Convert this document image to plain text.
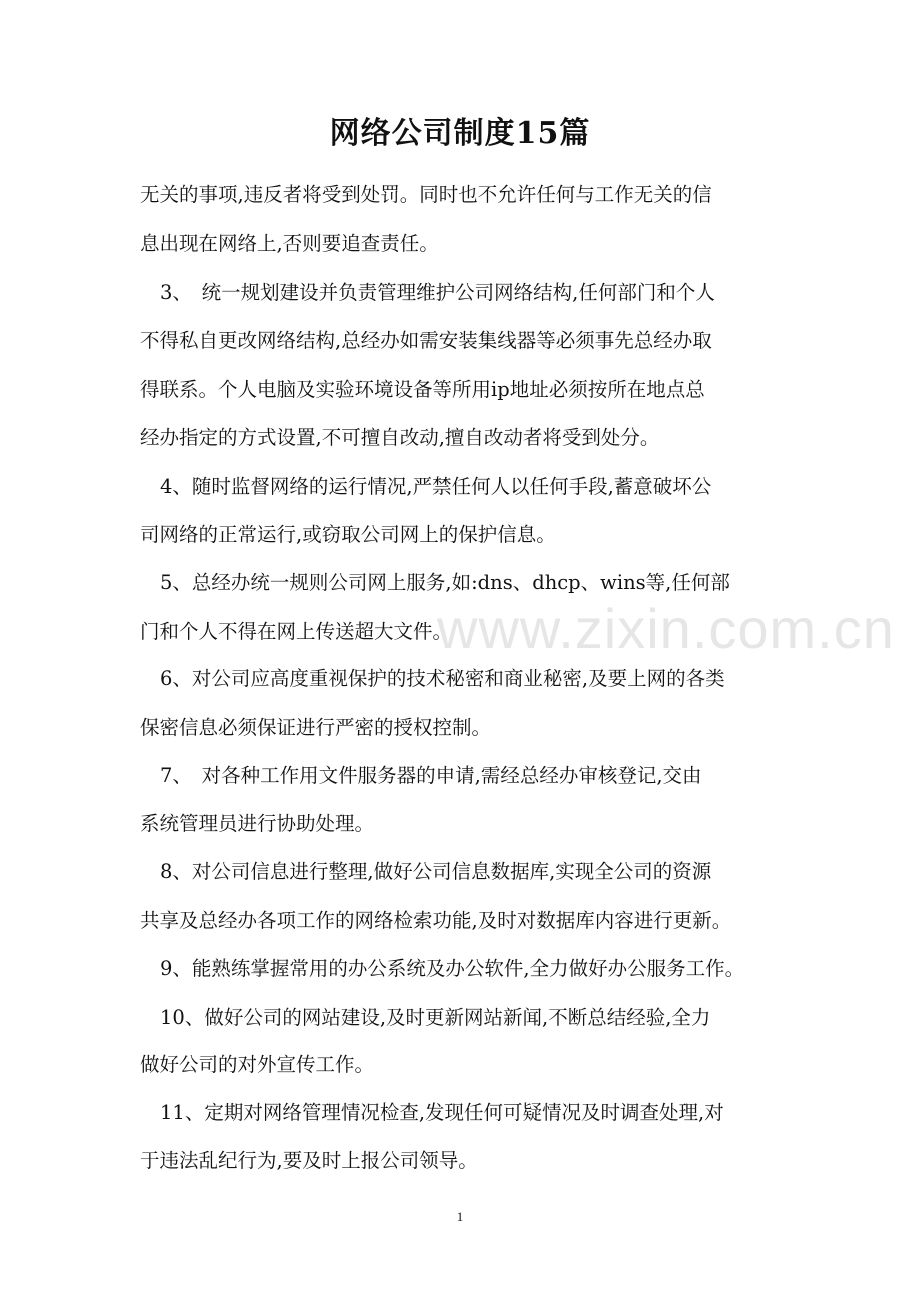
网络公司制度15篇
www.zixin.com.cn
无关的事项,违反者将受到处罚。同时也不允许任何与工作无关的信
息出现在网络上,否则要追查责任。
3、　统一规划建设并负责管理维护公司网络结构,任何部门和个人
不得私自更改网络结构,总经办如需安装集线器等必须事先总经办取
得联系。个人电脑及实验环境设备等所用ip地址必须按所在地点总
经办指定的方式设置,不可擅自改动,擅自改动者将受到处分。
4、随时监督网络的运行情况,严禁任何人以任何手段,蓄意破坏公
司网络的正常运行,或窃取公司网上的保护信息。
5、总经办统一规则公司网上服务,如:dns、dhcp、wins等,任何部
门和个人不得在网上传送超大文件。
6、对公司应高度重视保护的技术秘密和商业秘密,及要上网的各类
保密信息必须保证进行严密的授权控制。
7、　对各种工作用文件服务器的申请,需经总经办审核登记,交由
系统管理员进行协助处理。
8、对公司信息进行整理,做好公司信息数据库,实现全公司的资源
共享及总经办各项工作的网络检索功能,及时对数据库内容进行更新。
9、能熟练掌握常用的办公系统及办公软件,全力做好办公服务工作。
10、做好公司的网站建设,及时更新网站新闻,不断总结经验,全力
做好公司的对外宣传工作。
11、定期对网络管理情况检查,发现任何可疑情况及时调查处理,对
于违法乱纪行为,要及时上报公司领导。
1
